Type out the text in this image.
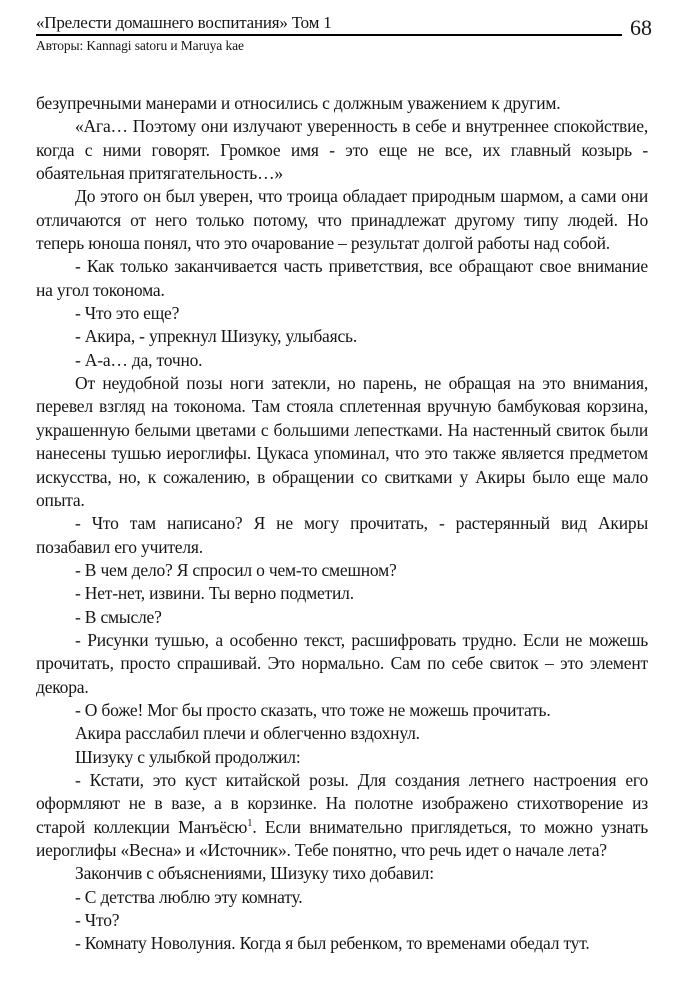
«Прелести домашнего воспитания» Том 1	68
Авторы: Kannagi satoru и Maruya kae

безупречными манерами и относились с должным уважением к другим.

«Ага… Поэтому они излучают уверенность в себе и внутреннее спокойствие, когда с ними говорят. Громкое имя - это еще не все, их главный козырь - обаятельная притягательность…»

До этого он был уверен, что троица обладает природным шармом, а сами они отличаются от него только потому, что принадлежат другому типу людей. Но теперь юноша понял, что это очарование – результат долгой работы над собой.

- Как только заканчивается часть приветствия, все обращают свое внимание на угол токонома.

- Что это еще?

- Акира, - упрекнул Шизуку, улыбаясь.

- А-а… да, точно.

От неудобной позы ноги затекли, но парень, не обращая на это внимания, перевел взгляд на токонома. Там стояла сплетенная вручную бамбуковая корзина, украшенную белыми цветами с большими лепестками. На настенный свиток были нанесены тушью иероглифы. Цукаса упоминал, что это также является предметом искусства, но, к сожалению, в обращении со свитками у Акиры было еще мало опыта.

- Что там написано? Я не могу прочитать, - растерянный вид Акиры позабавил его учителя.

- В чем дело? Я спросил о чем-то смешном?

- Нет-нет, извини. Ты верно подметил.

- В смысле?

- Рисунки тушью, а особенно текст, расшифровать трудно. Если не можешь прочитать, просто спрашивай. Это нормально. Сам по себе свиток – это элемент декора.

- О боже! Мог бы просто сказать, что тоже не можешь прочитать.

Акира расслабил плечи и облегченно вздохнул.

Шизуку с улыбкой продолжил:

- Кстати, это куст китайской розы. Для создания летнего настроения его оформляют не в вазе, а в корзинке. На полотне изображено стихотворение из старой коллекции Манъёсю$^1$. Если внимательно приглядеться, то можно узнать иероглифы «Весна» и «Источник». Тебе понятно, что речь идет о начале лета?

Закончив с объяснениями, Шизуку тихо добавил:

- С детства люблю эту комнату.

- Что?

- Комнату Новолуния. Когда я был ребенком, то временами обедал тут.
